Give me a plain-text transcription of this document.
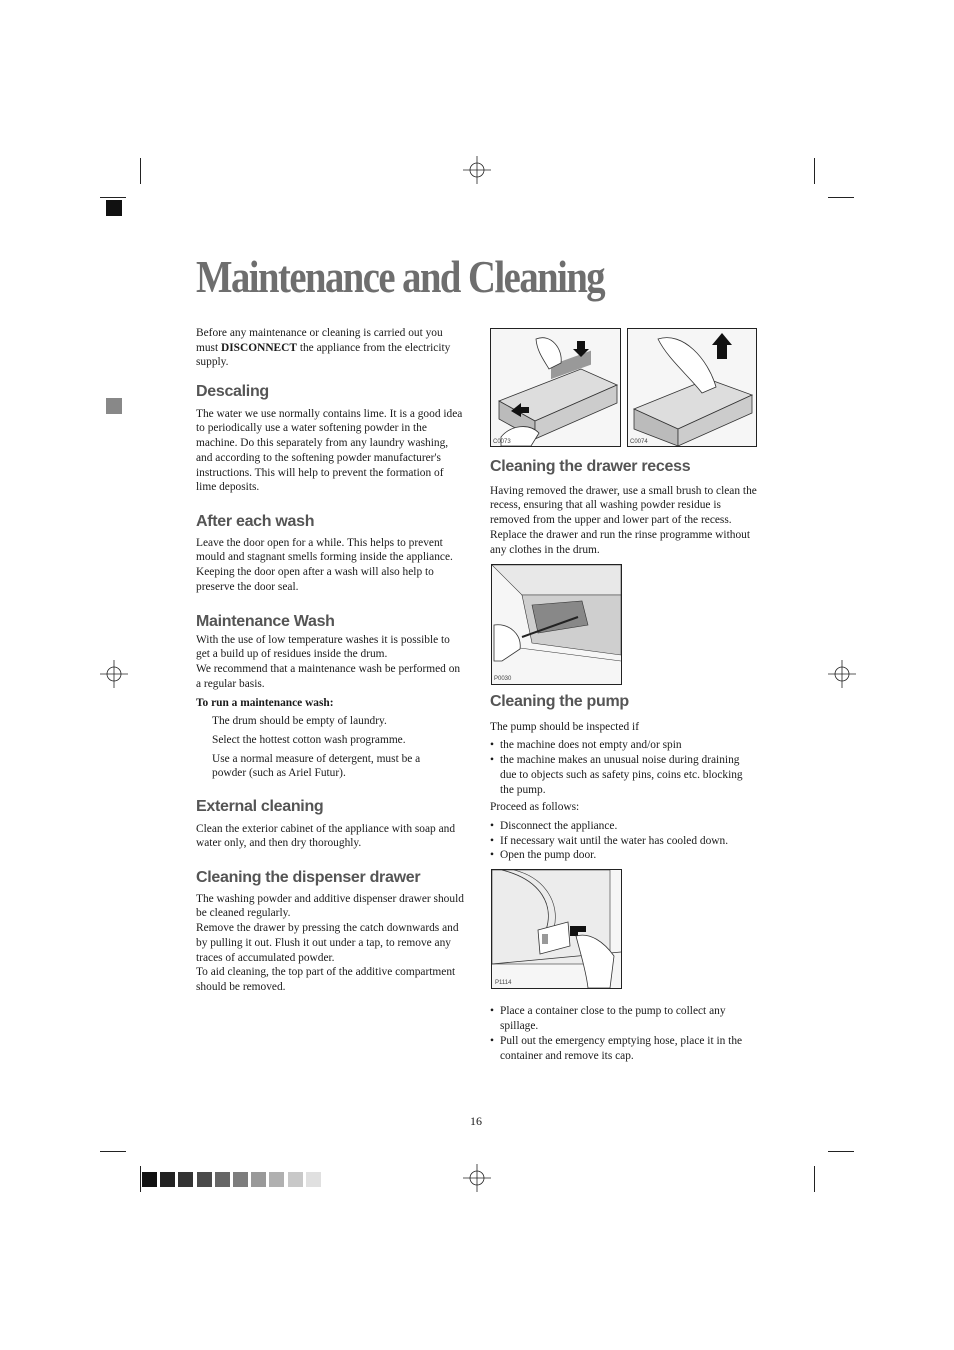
Maintenance and Cleaning

Before any maintenance or cleaning is carried out you must DISCONNECT the appliance from the electricity supply.

Descaling

The water we use normally contains lime. It is a good idea to periodically use a water softening powder in the machine. Do this separately from any laundry washing, and according to the softening powder manufacturer's instructions. This will help to prevent the formation of lime deposits.

After each wash

Leave the door open for a while. This helps to prevent mould and stagnant smells forming inside the appliance. Keeping the door open after a wash will also help to preserve the door seal.

Maintenance Wash

With the use of low temperature washes it is possible to get a build up of residues inside the drum.

We recommend that a maintenance wash be performed on a regular basis.

To run a maintenance wash:

The drum should be empty of laundry.

Select the hottest cotton wash programme.

Use a normal measure of detergent, must be a powder (such as Ariel Futur).

External cleaning

Clean the exterior cabinet of the appliance with soap and water only, and then dry thoroughly.

Cleaning the dispenser drawer

The washing powder and additive dispenser drawer should be cleaned regularly.

Remove the drawer by pressing the catch downwards and by pulling it out. Flush it out under a tap, to remove any traces of accumulated powder.

To aid cleaning, the top part of the additive compartment should be removed.

C0073	C0074
Cleaning the drawer recess

Having removed the drawer, use a small brush to clean the recess, ensuring that all washing powder residue is removed from the upper and lower part of the recess. Replace the drawer and run the rinse programme without any clothes in the drum.

P0030
Cleaning the pump

The pump should be inspected if

• the machine does not empty and/or spin
• the machine makes an unusual noise during draining due to objects such as safety pins, coins etc. blocking the pump.

Proceed as follows:

• Disconnect the appliance.
• If necessary wait until the water has cooled down.
• Open the pump door.
P1114
• Place a container close to the pump to collect any spillage.
• Pull out the emergency emptying hose, place it in the container and remove its cap.
16
